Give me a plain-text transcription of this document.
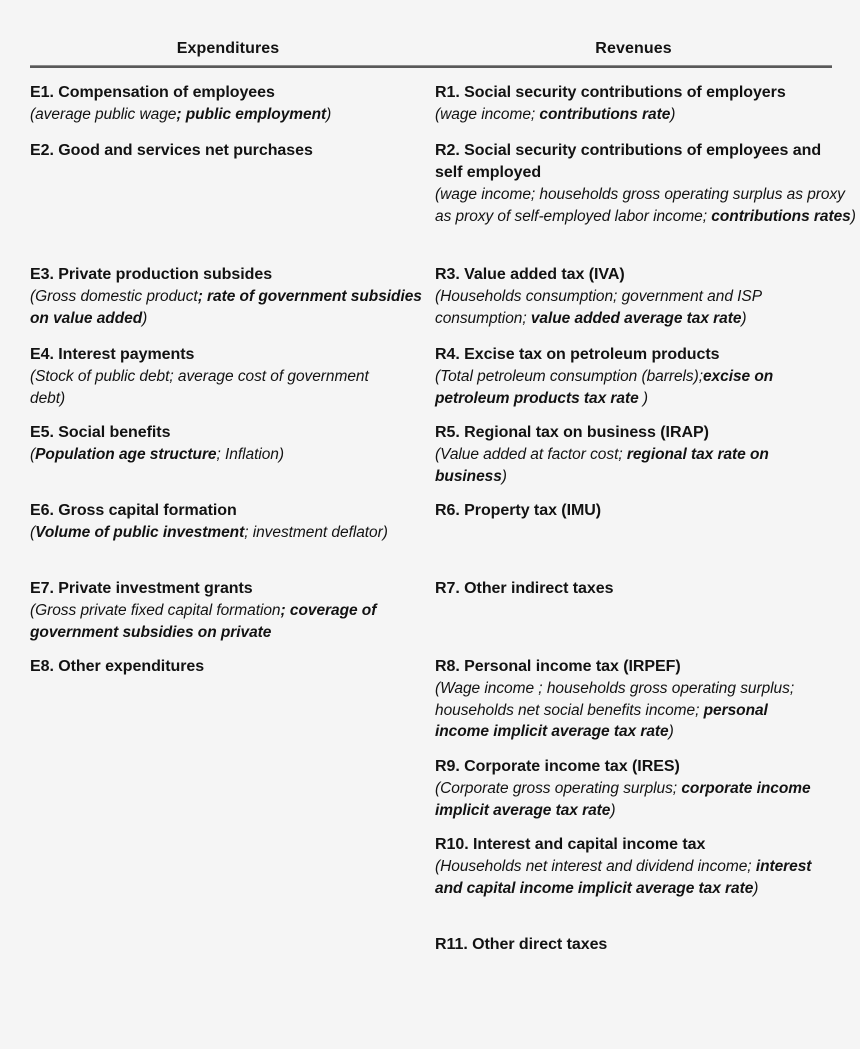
Expenditures	Revenues
E1. Compensation of employees
(average public wage; public employment)
E2. Good and services net purchases
E3. Private production subsides
(Gross domestic product; rate of government subsidies on value added)
E4. Interest payments
(Stock of public debt; average cost of government debt)
E5. Social benefits
(Population age structure; Inflation)
E6. Gross capital formation
(Volume of public investment; investment deflator)
E7. Private investment grants
(Gross private fixed capital formation; coverage of government subsidies on private
E8. Other expenditures
R1. Social security contributions of employers
(wage income; contributions rate)
R2. Social security contributions of employees and self employed
(wage income; households gross operating surplus as proxy as proxy of self-employed labor income; contributions rates)
R3. Value added tax (IVA)
(Households consumption; government and ISP consumption; value added average tax rate)
R4. Excise tax on petroleum products
(Total petroleum consumption (barrels);excise on petroleum products tax rate )
R5. Regional tax on business (IRAP)
(Value added at factor cost; regional tax rate on business)
R6. Property tax (IMU)
R7. Other indirect taxes
R8. Personal income tax (IRPEF)
(Wage income ; households gross operating surplus; households net social benefits income; personal income implicit average tax rate)
R9. Corporate income tax (IRES)
(Corporate gross operating surplus; corporate income implicit average tax rate)
R10. Interest and capital income tax
(Households net interest and dividend income; interest and capital income implicit average tax rate)
R11. Other direct taxes
